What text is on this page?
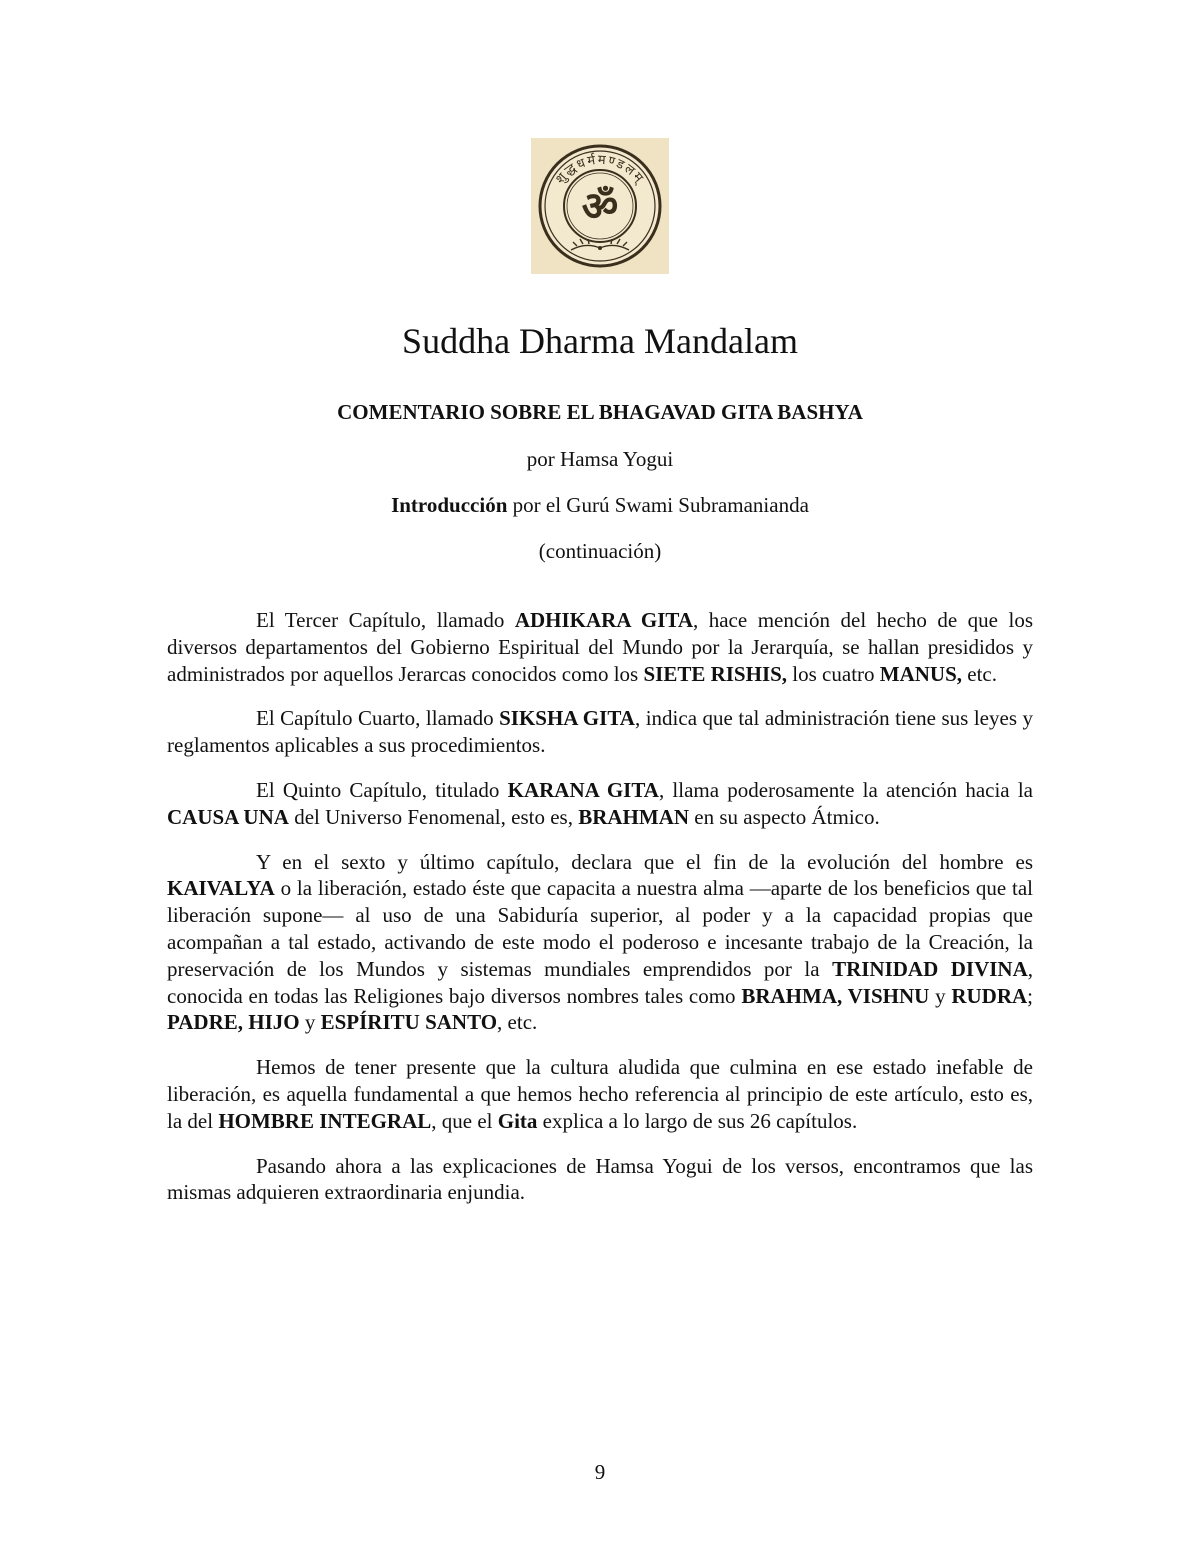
शुद्धधर्ममण्डलम्
ॐ
Suddha Dharma Mandalam
COMENTARIO SOBRE EL BHAGAVAD GITA BASHYA
por Hamsa Yogui
Introducción por el Gurú Swami Subramanianda
(continuación)

El Tercer Capítulo, llamado ADHIKARA GITA, hace mención del hecho de que los diversos departamentos del Gobierno Espiritual del Mundo por la Jerarquía, se hallan presididos y administrados por aquellos Jerarcas conocidos como los SIETE RISHIS, los cuatro MANUS, etc.

El Capítulo Cuarto, llamado SIKSHA GITA, indica que tal administración tiene sus leyes y reglamentos aplicables a sus procedimientos.

El Quinto Capítulo, titulado KARANA GITA, llama poderosamente la atención hacia la CAUSA UNA del Universo Fenomenal, esto es, BRAHMAN en su aspecto Átmico.

Y en el sexto y último capítulo, declara que el fin de la evolución del hombre es KAIVALYA o la liberación, estado éste que capacita a nuestra alma —aparte de los beneficios que tal liberación supone— al uso de una Sabiduría superior, al poder y a la capacidad propias que acompañan a tal estado, activando de este modo el poderoso e incesante trabajo de la Creación, la preservación de los Mundos y sistemas mundiales emprendidos por la TRINIDAD DIVINA, conocida en todas las Religiones bajo diversos nombres tales como BRAHMA, VISHNU y RUDRA; PADRE, HIJO y ESPÍRITU SANTO, etc.

Hemos de tener presente que la cultura aludida que culmina en ese estado inefable de liberación, es aquella fundamental a que hemos hecho referencia al principio de este artículo, esto es, la del HOMBRE INTEGRAL, que el Gita explica a lo largo de sus 26 capítulos.

Pasando ahora a las explicaciones de Hamsa Yogui de los versos, encontramos que las mismas adquieren extraordinaria enjundia.

9
